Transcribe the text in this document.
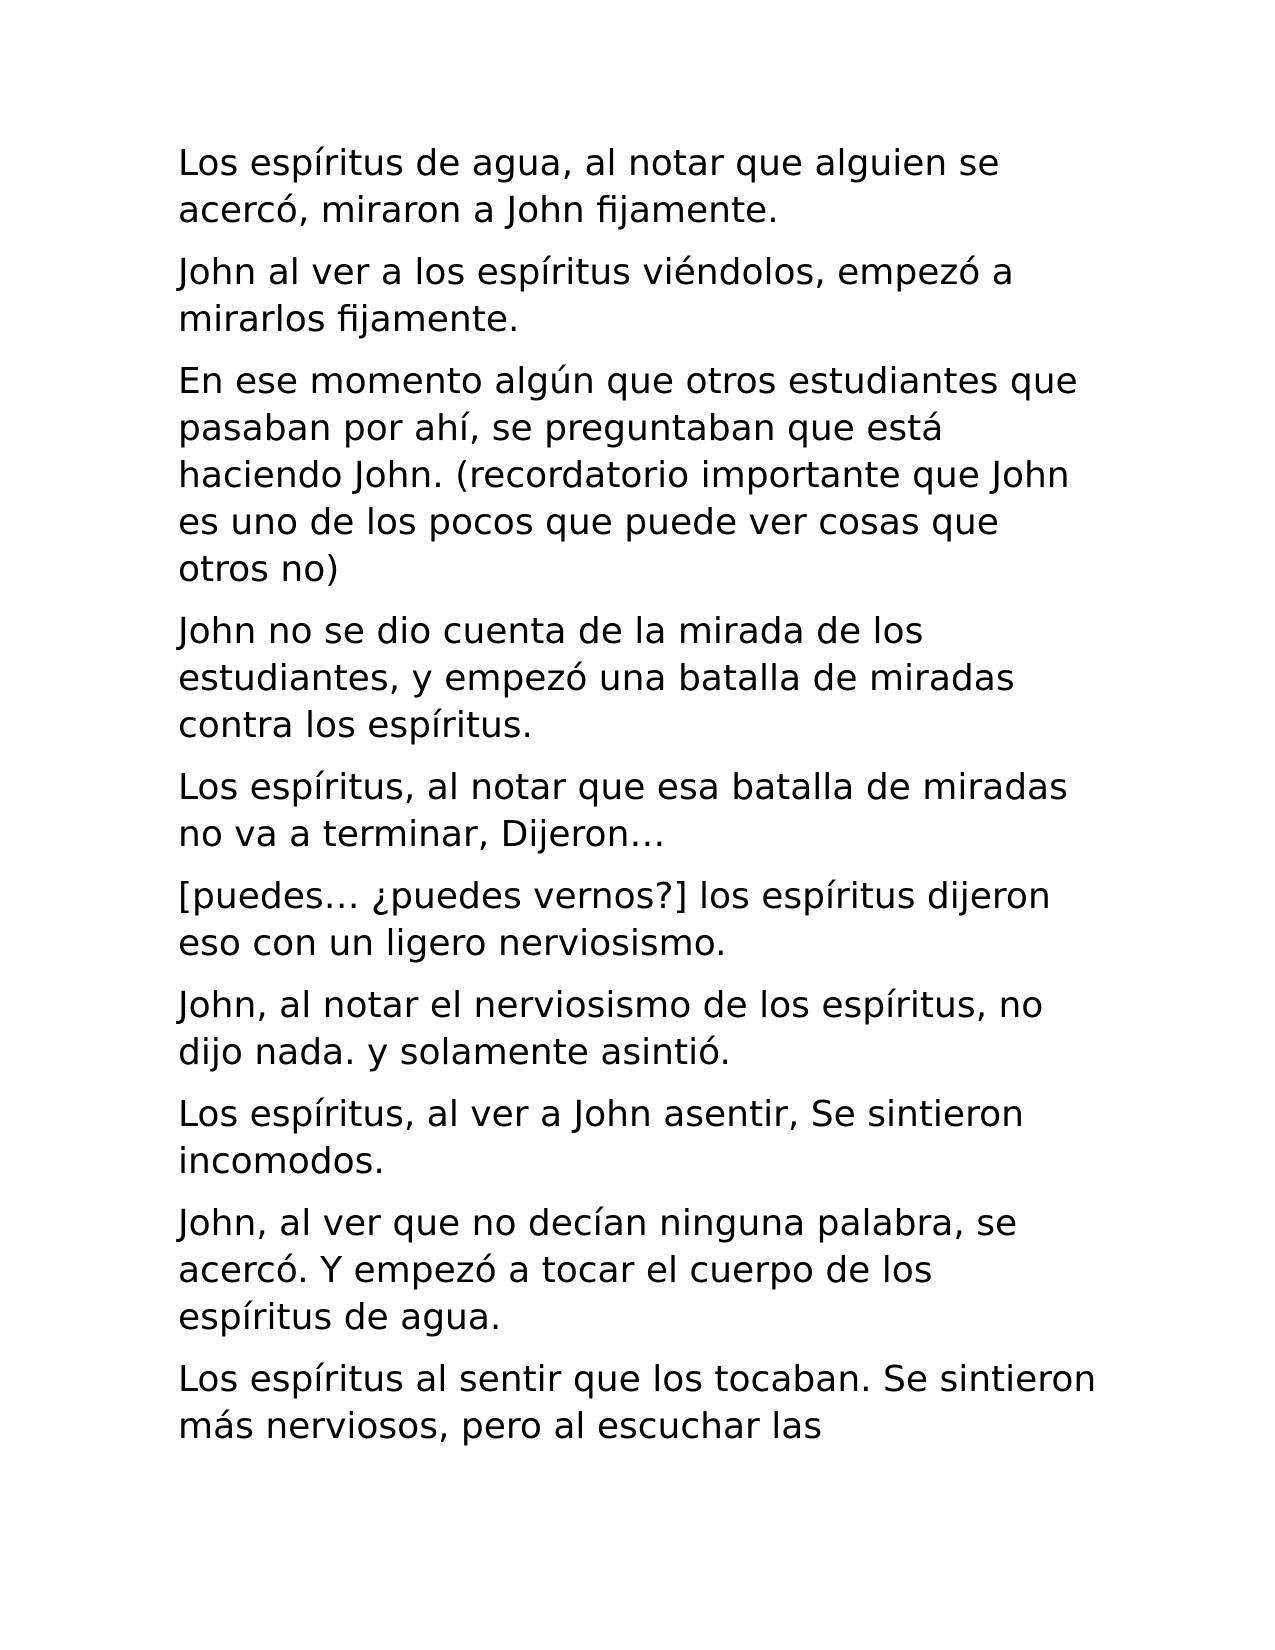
Los espíritus de agua, al notar que alguien se acercó, miraron a John fijamente.

John al ver a los espíritus viéndolos, empezó a mirarlos fijamente.

En ese momento algún que otros estudiantes que pasaban por ahí, se preguntaban que está haciendo John. (recordatorio importante que John es uno de los pocos que puede ver cosas que otros no)

John no se dio cuenta de la mirada de los estudiantes, y empezó una batalla de miradas contra los espíritus.

Los espíritus, al notar que esa batalla de miradas no va a terminar, Dijeron…

[puedes… ¿puedes vernos?] los espíritus dijeron eso con un ligero nerviosismo.

John, al notar el nerviosismo de los espíritus, no dijo nada. y solamente asintió.

Los espíritus, al ver a John asentir, Se sintieron incomodos.

John, al ver que no decían ninguna palabra, se acercó. Y empezó a tocar el cuerpo de los espíritus de agua.

Los espíritus al sentir que los tocaban. Se sintieron más nerviosos, pero al escuchar las
